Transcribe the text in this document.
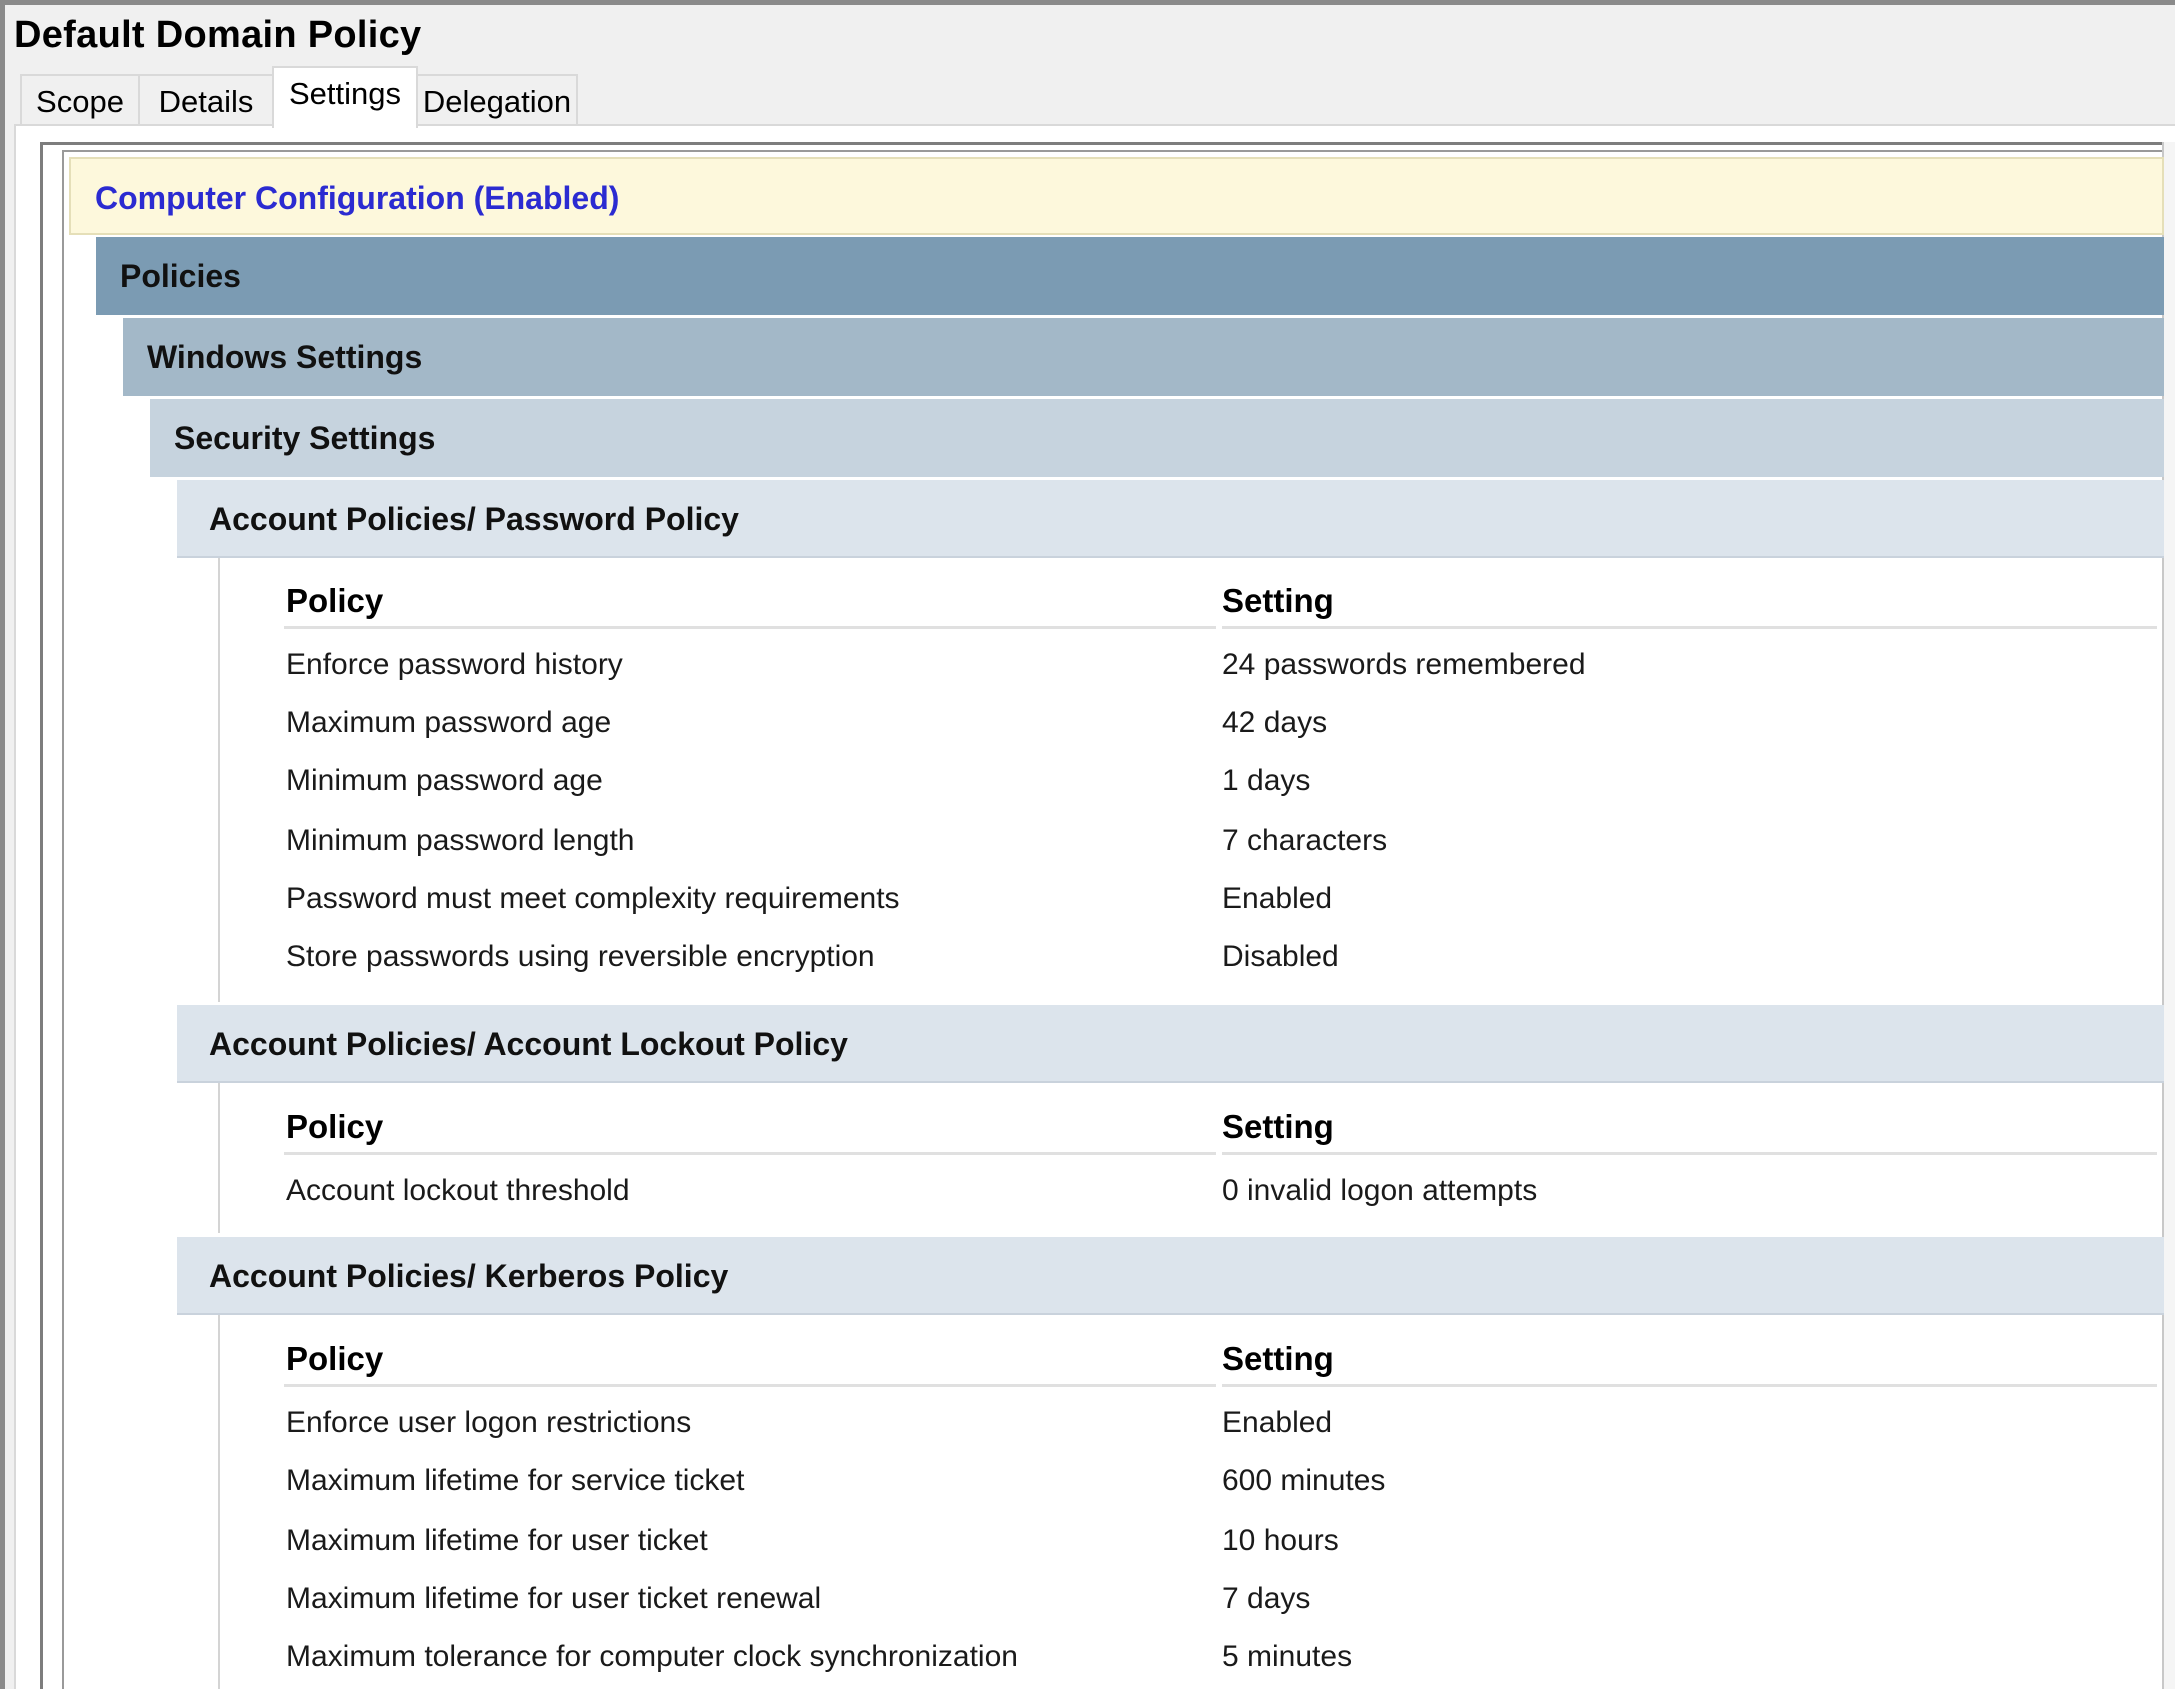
Default Domain Policy
Scope	Details	Settings Delegation
Computer Configuration (Enabled)
Policies
Windows Settings
Security Settings
Account Policies/ Password Policy
Policy	Setting
Enforce password history	24 passwords remembered
Maximum password age	42 days
Minimum password age	1 days
Minimum password length	7 characters
Password must meet complexity requirements	Enabled
Store passwords using reversible encryption	Disabled
Account Policies/ Account Lockout Policy
Policy	Setting
Account lockout threshold	0 invalid logon attempts
Account Policies/ Kerberos Policy
Policy	Setting
Enforce user logon restrictions	Enabled
Maximum lifetime for service ticket	600 minutes
Maximum lifetime for user ticket	10 hours
Maximum lifetime for user ticket renewal	7 days
Maximum tolerance for computer clock synchronization	5 minutes
